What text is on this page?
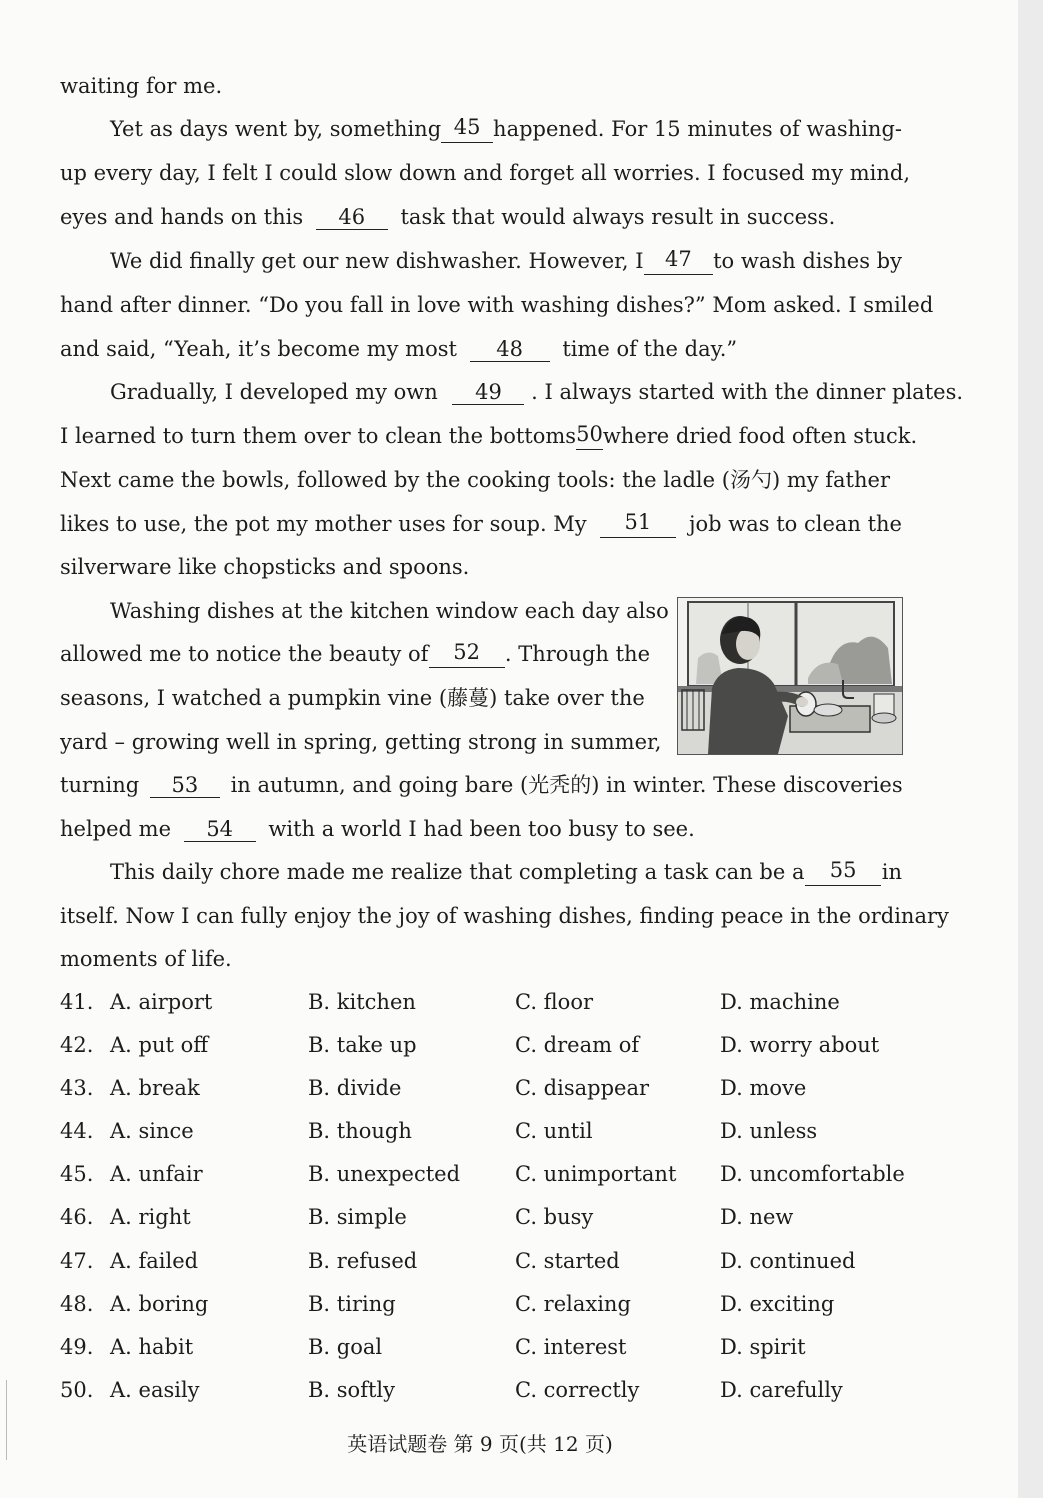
waiting for me.
Yet as days went by, something 45 happened. For 15 minutes of washing-
up every day, I felt I could slow down and forget all worries. I focused my mind,
eyes and hands on this 46 task that would always result in success.
We did finally get our new dishwasher. However, I	47	to wash dishes by
hand after dinner. “Do you fall in love with washing dishes?” Mom asked. I smiled
and said, “Yeah, it’s become my most 48 time of the day.”
Gradually, I developed my own 49 . I always started with the dinner plates.
I learned to turn them over to clean the bottoms 50 where dried food often stuck.
Next came the bowls, followed by the cooking tools: the ladle (汤勺) my father
likes to use, the pot my mother uses for soup. My	51	job was to clean the
silverware like chopsticks and spoons.
Washing dishes at the kitchen window each day also
allowed me to notice the beauty of	52	. Through the
seasons, I watched a pumpkin vine (藤蔓) take over the
yard – growing well in spring, getting strong in summer,
turning 53 in autumn, and going bare (光秃的) in winter. These discoveries
helped me 54 with a world I had been too busy to see.
This daily chore made me realize that completing a task can be a	55	in
itself. Now I can fully enjoy the joy of washing dishes, finding peace in the ordinary
moments of life.
41. A. airport	B. kitchen	C. floor	D. machine
42. A. put off	B. take up	C. dream of	D. worry about
43. A. break	B. divide	C. disappear	D. move
44. A. since	B. though	C. until	D. unless
45. A. unfair	B. unexpected	C. unimportant D. uncomfortable
46. A. right	B. simple	C. busy	D. new
47. A. failed	B. refused	C. started	D. continued
48. A. boring	B. tiring	C. relaxing	D. exciting
49. A. habit	B. goal	C. interest	D. spirit
50. A. easily	B. softly	C. correctly	D. carefully
英语试题卷 第 9 页(共 12 页)
